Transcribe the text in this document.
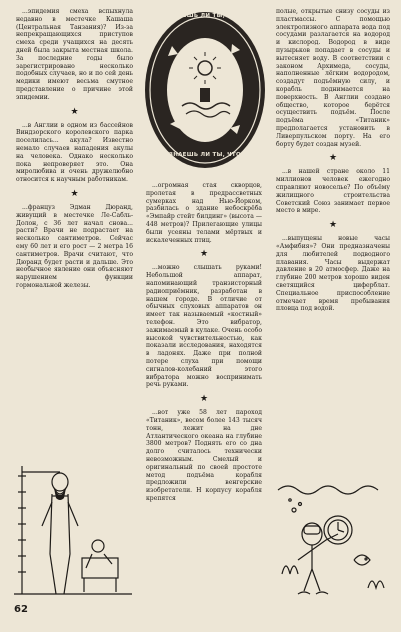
ЗНАЕШЬ ЛИ ТЫ, ЧТО
ЗНАЕШЬ ЛИ ТЫ, ЧТО

...эпидемия смеха вспыхнула недавно в местечке Кашаша (Центральная Танзания)? Из-за непрекращающихся приступов смеха среди учащихся на десять дней была закрыта местная школа. За последние годы было зарегистрировано несколько подобных случаев, но и по сей день медики имеют весьма смутное представление о причине этой эпидемии.

★

...в Англии в одном из бассейнов Виндзорского королевского парка поселилась... акула? Известно немало случаев нападения акулы на человека. Однако несколько пока непроверяет это. Она миролюбива и очень дружелюбно относится к научным работникам.

★

...француз Эдман Дюранд, живущий в местечке Ле-Сабль-Долон, с 36 лет начал снова... расти? Врачи не подрастает на несколько сантиметров. Сейчас ему 60 лет и его рост — 2 метра 16 сантиметров. Врачи считают, что Дюранд будет расти и дальше. Это необычное явление они объясняют нарушением функции гормональной железы.

...огромная стая скворцов, пролетая в предрассветных сумерках над Нью-Йорком, разбилась о здание небоскрёба «Эмпайр стейт билдинг» (высота — 448 метров)? Прилегающие улицы были усеяны телами мёртвых и искалеченных птиц.

★

...можно слышать руками! Небольшой аппарат, напоминающий транзисторный радиоприёмник, разработан в нашем городе. В отличие от обычных слуховых аппаратов он имеет так называемый «костный» телефон. Это вибратор, зажимаемый в кулаке. Очень особо высокой чувствительностью, как показали исследования, находятся в ладонях. Даже при полной потере слуха при помощи сигналов-колебаний этого вибратора можно воспринимать речь руками.

★

...вот уже 58 лет пароход «Титаник», весом более 143 тысяч тонн, лежит на дне Атлантического океана на глубине 3800 метров? Поднять его со дна долго считалось технически невозможным. Смелый и оригинальный по своей простоте метод подъёма корабля предложили венгерские изобретатели. Н корпусу корабля крепятся

полые, открытые снизу сосуды из пластмассы. С помощью электролизного аппарата вода под сосудами разлагается на водород и кислород. Водород в виде пузырьков попадает в сосуды и вытесняет воду. В соответствии с законом Архимеда, сосуды, наполненные лёгким водородом, создадут подъёмную силу, и корабль поднимается на поверхность. В Англии создано общество, которое берётся осуществить подъём. После подъёма «Титаник» предполагается установить в Ливерпульском порту. На его борту будет создан музей.

★

...в нашей стране около 11 миллионов человек ежегодно справляют новоселье? По объёму жилищного строительства Советский Союз занимает первое место в мире.

★

...выпущены новые часы «Амфибия»? Они предназначены для любителей подводного плавания. Часы выдержат давление в 20 атмосфер. Даже на глубине 200 метров хорошо виден светящийся циферблат. Специальное приспособление отмечает время пребывания пловца под водой.

62
